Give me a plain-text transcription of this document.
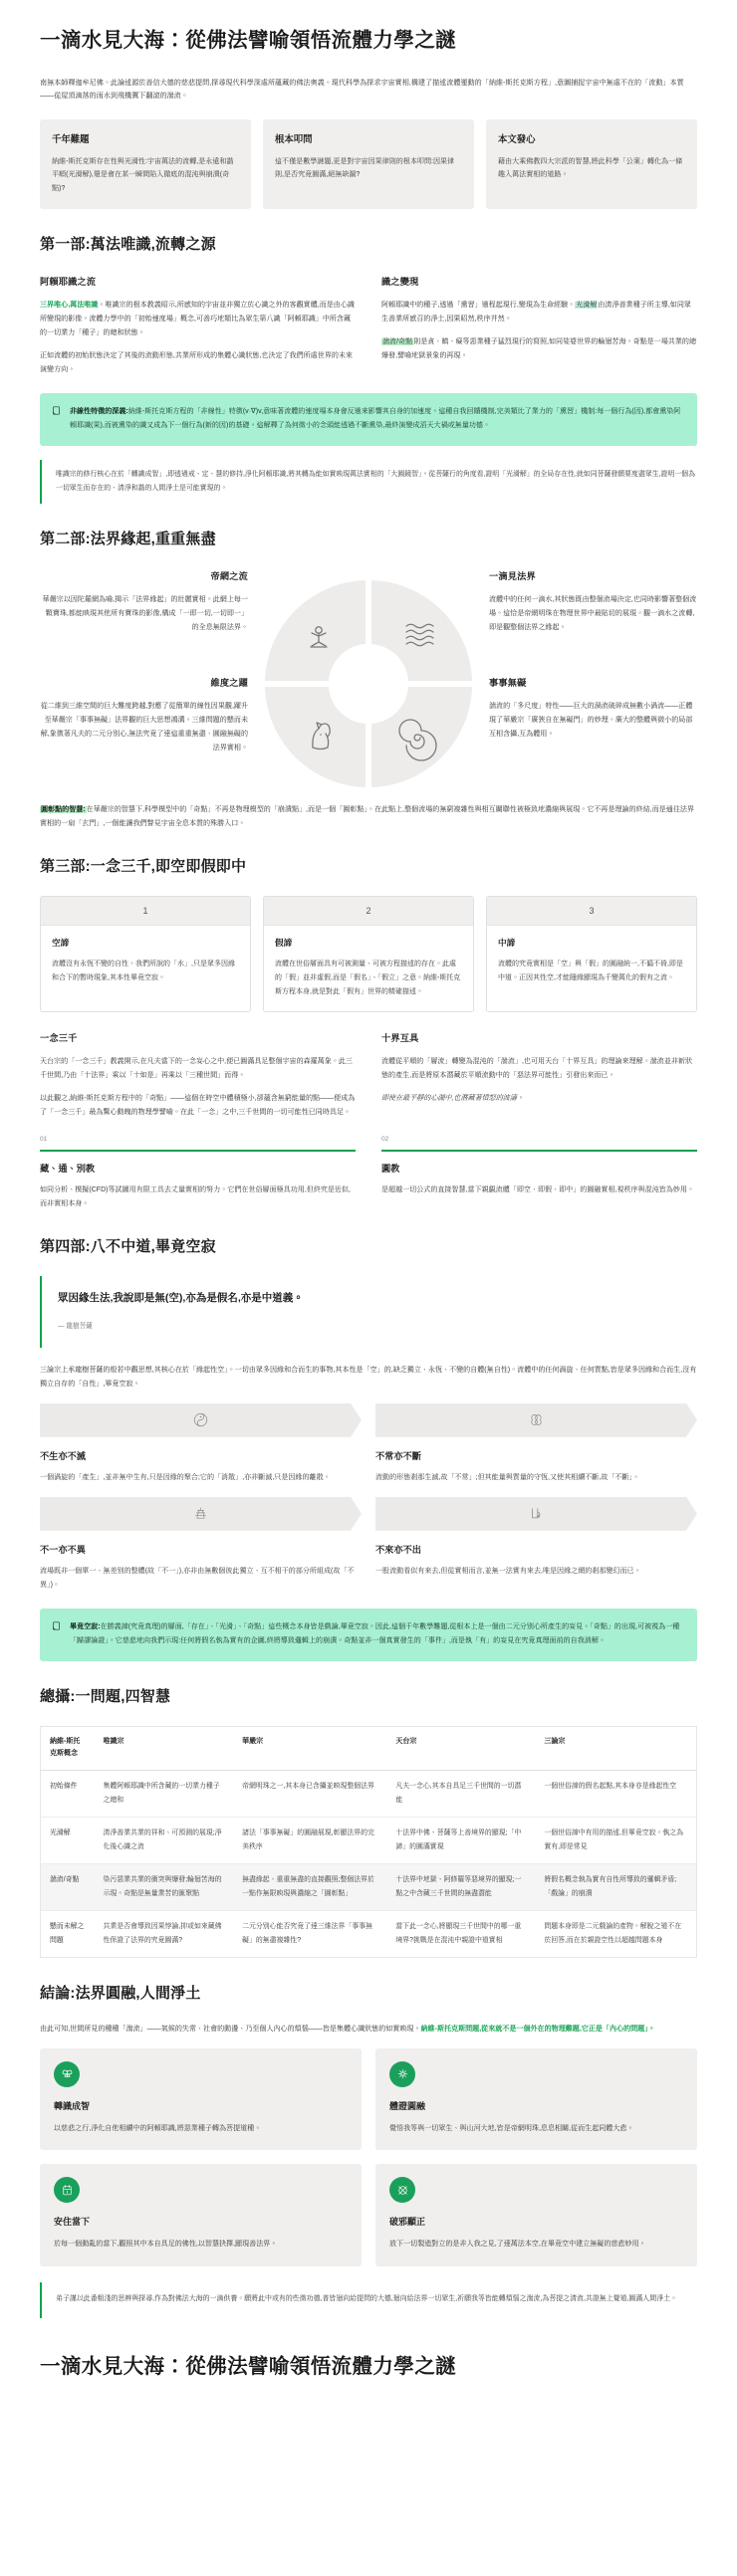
一滴水見大海：從佛法譬喻領悟流體力學之謎

南無本師釋迦牟尼佛。此論述源於善信大德的慈悲提問,探尋現代科學深處所蘊藏的佛法奧義。現代科學為探求宇宙實相,構建了描述流體運動的「納維-斯托克斯方程」,意圖捕捉宇宙中無處不在的「流動」本質——從屋頂滴落的雨水到飛機翼下翻滾的湍流。

千年難題
納維-斯托克斯存在性與光滑性:宇宙萬法的流轉,是永遠和諧平順(光滑解),還是會在某一瞬間陷入徹底的混沌與崩潰(奇點)?
根本叩問
這不僅是數學謎題,更是對宇宙因果律則的根本叩問:因果律則,是否究竟圓滿,絕無缺漏?
本文發心
藉由大乘佛教四大宗派的智慧,將此科學「公案」轉化為一條趣入萬法實相的道路。
第一部:萬法唯識,流轉之源
阿賴耶識之流

三界唯心,萬法唯識。唯識宗的根本教義昭示,所感知的宇宙並非獨立於心識之外的客觀實體,而是由心識所變現的影像。流體力學中的「初始速度場」概念,可善巧地類比為眾生第八識「阿賴耶識」中所含藏的一切業力「種子」的總和狀態。

正如流體的初始狀態決定了其後的流動形態,共業所形成的集體心識狀態,也決定了我們所處世界的未來演變方向。

識之變現

阿賴耶識中的種子,透過「熏習」過程起現行,變現為生命經驗。光滑解由清淨善業種子所主導,如同眾生善業所感召的淨土,因果昭然,秩序井然。

湍流/奇點則是貪、瞋、癡等惡業種子猛烈現行的寫照,如同娑婆世界的輪迴苦海。奇點是一場共業的總爆發,譬喻地獄景象的再現。

非線性特徵的深義:納維-斯托克斯方程的「非線性」特徵(v·∇)v,意味著流體的速度場本身會反過來影響其自身的加速度。這種自我回饋機制,完美類比了業力的「熏習」機制:每一個行為(因),都會熏染阿賴耶識(果),而被熏染的識又成為下一個行為(新的因)的基礎。這解釋了為何微小的念頭能透過不斷熏染,最終演變成滔天大禍或無量功德。
唯識宗的修行核心在於「轉識成智」,即透過戒、定、慧的修持,淨化阿賴耶識,將其轉為能如實映現萬法實相的「大圓鏡智」。從菩薩行的角度看,證明「光滑解」的全局存在性,就如同菩薩發願要度盡眾生,證明一個為一切眾生而存在的、清淨和諧的人間淨土是可能實現的。
第二部:法界緣起,重重無盡
帝網之流
華嚴宗以因陀羅網為喻,揭示「法界緣起」的壯麗實相。此網上每一顆寶珠,都能映現其他所有寶珠的影像,構成「一即一切,一切即一」的全息無限法界。
維度之躍
從二維到三維空間的巨大難度跨越,對應了從簡單的線性因果觀,躍升至華嚴宗「事事無礙」法界觀的巨大思想鴻溝。三維問題的懸而未解,象徵著凡夫的二元分別心,無法究竟了達這重重無盡、圓融無礙的法界實相。
一滴見法界
流體中的任何一滴水,其狀態既由整個流場決定,也同時影響著整個流場。這恰是帝網明珠在物理世界中最貼切的展現。觀一滴水之流轉,即是觀整個法界之緣起。
事事無礙
湍流的「多尺度」特性——巨大的渦流破碎成無數小渦流——正體現了華嚴宗「廣狹自在無礙門」的妙理。廣大的整體與微小的局部互相含攝,互為體用。

圓彰點的智慧:在華嚴宗的智慧下,科學模型中的「奇點」不再是物理模型的「崩潰點」,而是一個「圓彰點」。在此點上,整個流場的無窮複雜性與相互關聯性被極致地濃縮與展現。它不再是理論的終結,而是通往法界實相的一扇「玄門」,一個能讓我們瞥見宇宙全息本質的殊勝入口。

第三部:一念三千,即空即假即中
1
空諦
流體沒有永恆不變的自性。我們所說的「水」,只是眾多因緣和合下的暫時現象,其本性畢竟空寂。
2
假諦
流體在世俗層面具有可被測量、可被方程描述的存在。此處的「假」並非虛假,而是「假名」、「假立」之意。納維-斯托克斯方程本身,就是對此「假有」世界的精確描述。
3
中諦
流體的究竟實相是「空」與「假」的圓融統一,不偏不倚,即是中道。正因其性空,才能隨緣顯現為千變萬化的假有之流。
一念三千

天台宗的「一念三千」教義開示,在凡夫當下的一念妄心之中,便已圓滿具足整個宇宙的森羅萬象。此三千世間,乃由「十法界」乘以「十如是」再乘以「三種世間」而得。

以此觀之,納維-斯托克斯方程中的「奇點」——這個在時空中體積極小,卻蘊含無窮能量的點——便成為了「一念三千」最為驚心動魄的物理學譬喻。在此「一念」之中,三千世間的一切可能性已同時具足。

十界互具

流體從平順的「層流」轉變為混沌的「湍流」,也可用天台「十界互具」的理論來理解。湍流並非新狀態的產生,而是將原本潛藏於平順流動中的「惡法界可能性」引發出來而已。

即使在最平靜的心湖中,也潛藏著憤怒的波濤。

01
藏、通、別教
如同分析、模擬(CFD)等試圖用有限工具去丈量實相的努力。它們在世俗層面極具功用,但終究是近似,而非實相本身。
02
圓教
是超越一切公式的直接智慧,當下親覷流體「即空、即假、即中」的圓融實相,視秩序與混沌皆為妙用。
第四部:八不中道,畢竟空寂
眾因緣生法,我說即是無(空),亦為是假名,亦是中道義。
— 龍樹菩薩

三論宗上承龍樹菩薩的般若中觀思想,其核心在於「緣起性空」。一切由眾多因緣和合而生的事物,其本性是「空」的,缺乏獨立、永恆、不變的自體(無自性)。流體中的任何渦旋、任何質點,皆是眾多因緣和合而生,沒有獨立自存的「自性」,畢竟空寂。

不生亦不滅
一個渦旋的「產生」,並非無中生有,只是因緣的聚合;它的「消散」,亦非斷滅,只是因緣的離散。
不常亦不斷
流動的形態剎那生滅,故「不常」;但其能量與質量的守恆,又使其相續不斷,故「不斷」。
不一亦不異
流場既非一個單一、無差別的整體(故「不一」),亦非由無數個彼此獨立、互不相干的部分所組成(故「不異」)。
不來亦不出
一股流動看似有來去,但從實相而言,並無一法實有來去,唯是因緣之網的剎那變幻而已。
畢竟空寂:在勝義諦(究竟真理)的層面,「存在」、「光滑」、「奇點」這些概念本身皆是戲論,畢竟空寂。因此,這個千年數學難題,從根本上是一個由二元分別心所產生的妄見。「奇點」的出現,可被視為一種「歸謬論證」。它慈悲地向我們示現:任何將假名執為實有的企圖,終將導致邏輯上的崩潰。奇點並非一個真實發生的「事件」,而是執「有」的妄見在究竟真理面前的自我消解。
總攝:一問題,四智慧
納維-斯托克斯概念	唯識宗	華嚴宗	天台宗	三論宗
初始條件	集體阿賴耶識中所含藏的一切業力種子之總和	帝網明珠之一,其本身已含攝並映現整個法界	凡夫一念心,其本自具足三千世間的一切潛能	一個世俗諦的假名起點,其本身亦是緣起性空
光滑解	清淨善業共業的祥和、可預測的展現;淨化後心識之流	諸法「事事無礙」的圓融展現,彰顯法界的完美秩序	十法界中佛、菩薩等上善境界的顯現;「中諦」的圓滿實現	一個世俗諦中有用的描述,但畢竟空寂。執之為實有,即是常見
湍流/奇點	染污惡業共業的衝突與爆發;輪迴苦海的示現。奇點是無量業苦的匯聚點	無盡緣起、重重無盡的直接觀照;整個法界於一點作無限映現與濃縮之「圓彰點」	十法界中地獄、阿修羅等惡境界的顯現;一點之中含藏三千世間的無盡潛能	將假名概念執為實有自性所導致的邏輯矛盾;「戲論」的崩潰
懸而未解之問題	共業是否會導致因果悖論,抑或如來藏佛性保證了法界的究竟圓滿?	二元分別心能否究竟了達三維法界「事事無礙」的無盡複雜性?	當下此一念心,將顯現三千世間中的哪一重境界?挑戰是在混沌中親證中道實相	問題本身即是二元戲論的產物。解脫之道不在於回答,而在於親證空性以超越問題本身
結論:法界圓融,人間淨土

由此可知,世間所見的種種「湍流」——氣候的失常、社會的動盪、乃至個人內心的煩惱——皆是集體心識狀態的如實映現。納維-斯托克斯問題,從來就不是一個外在的物理難題,它正是「內心的問題」。

轉識成智
以慈悲之行,淨化自他相續中的阿賴耶識,將惡業種子轉為菩提道種。
體證圓融
覺悟我等與一切眾生、與山河大地,皆是帝網明珠,息息相關,從而生起同體大悲。
安住當下
於每一個動亂的當下,觀照其中本自具足的佛性,以智慧抉擇,顯現善法界。
破邪顯正
放下一切製造對立的是非人我之見,了達萬法本空,在畢竟空中建立無礙的慈悲妙用。
弟子謹以此番粗淺的思辨與探尋,作為對佛法大海的一滴供養。願將此中或有的些微功德,普皆迴向給提問的大德,迴向給法界一切眾生,祈願我等皆能轉煩惱之湍流,為菩提之清流,共證無上覺道,圓滿人間淨土。
一滴水見大海：從佛法譬喻領悟流體力學之謎
